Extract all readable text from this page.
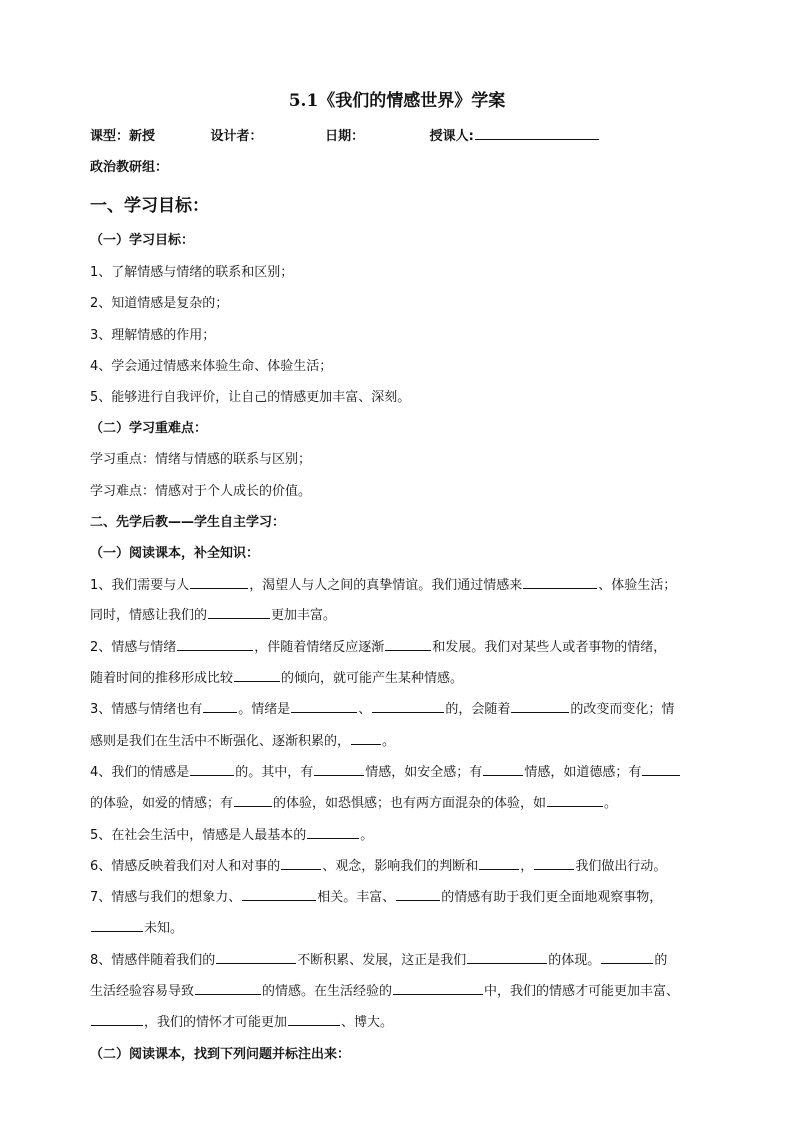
5.1《我们的情感世界》学案
课型：新授	设计者：	日期：	授课人:
政治教研组：
一、学习目标：
（一）学习目标：
1、了解情感与情绪的联系和区别；
2、知道情感是复杂的；
3、理解情感的作用；
4、学会通过情感来体验生命、体验生活；
5、能够进行自我评价，让自己的情感更加丰富、深刻。
（二）学习重难点：
学习重点：情绪与情感的联系与区别；
学习难点：情感对于个人成长的价值。
二、先学后教——学生自主学习：
（一）阅读课本，补全知识：
1、我们需要与人	，渴望人与人之间的真挚情谊。我们通过情感来	、体验生活；
同时，情感让我们的	更加丰富。
2、情感与情绪	，伴随着情绪反应逐渐	和发展。我们对某些人或者事物的情绪，
随着时间的推移形成比较	的倾向，就可能产生某种情感。
3、情感与情绪也有	。情绪是	、	的，会随着	的改变而变化；情
感则是我们在生活中不断强化、逐渐积累的， 。
4、我们的情感是	的。其中，有	情感，如安全感；有	情感，如道德感；有
的体验，如爱的情感；有	的体验，如恐惧感；也有两方面混杂的体验，如	。
5、在社会生活中，情感是人最基本的	。
6、情感反映着我们对人和对事的	、观念，影响我们的判断和	，	我们做出行动。
7、情感与我们的想象力、	相关。丰富、	的情感有助于我们更全面地观察事物，
未知。
8、情感伴随着我们的	不断积累、发展，这正是我们	的体现。	的
生活经验容易导致	的情感。在生活经验的	中，我们的情感才可能更加丰富、
，我们的情怀才可能更加	、博大。
（二）阅读课本，找到下列问题并标注出来：
